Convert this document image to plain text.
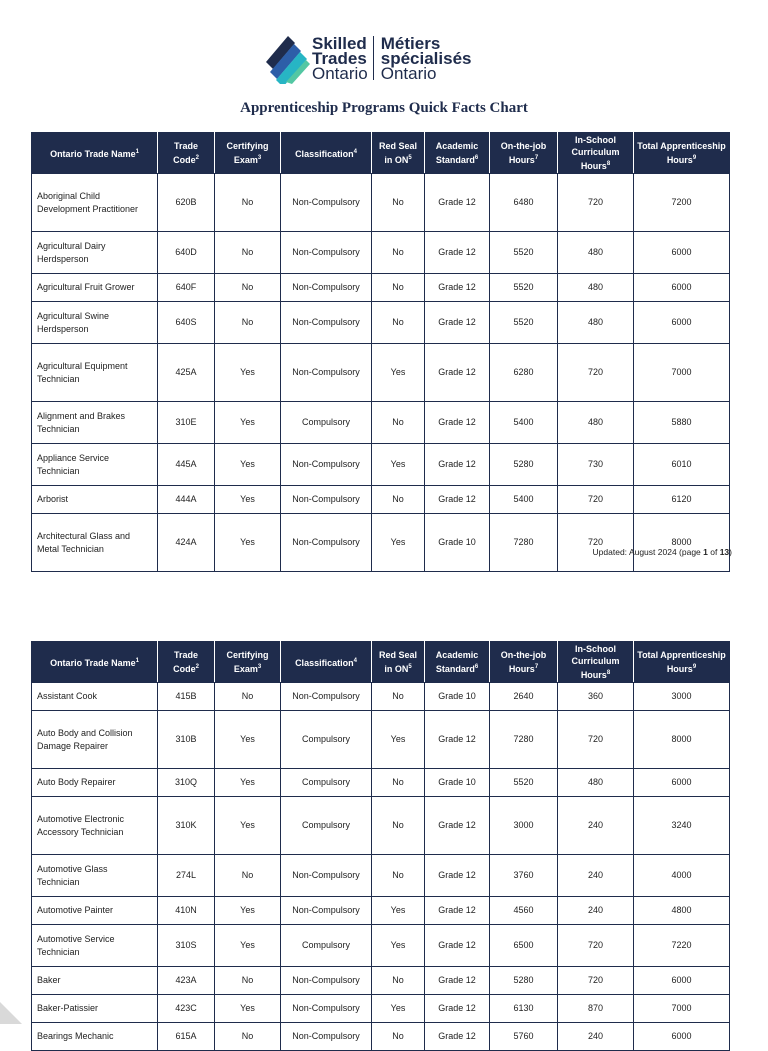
Skilled
Trades
Ontario
Métiers
spécialisés
Ontario
Apprenticeship Programs Quick Facts Chart
Ontario Trade Name$^1$	Trade Code$^2$	Certifying Exam$^3$	Classification$^4$	Red Seal in $ON^5$	Academic Standard$^6$	On-the-job Hours$^7$	In-School Curriculum Hours$^8$	Total Apprenticeship Hours$^9$
Aboriginal Child Development Practitioner	620B	No	Non-Compulsory	No	Grade 12	6480	720	7200
Agricultural Dairy Herdsperson	640D	No	Non-Compulsory	No	Grade 12	5520	480	6000
Agricultural Fruit Grower	640F	No	Non-Compulsory	No	Grade 12	5520	480	6000
Agricultural Swine Herdsperson	640S	No	Non-Compulsory	No	Grade 12	5520	480	6000
Agricultural Equipment Technician	425A	Yes	Non-Compulsory	Yes	Grade 12	6280	720	7000
Alignment and Brakes Technician	310E	Yes	Compulsory	No	Grade 12	5400	480	5880
Appliance Service Technician	445A	Yes	Non-Compulsory	Yes	Grade 12	5280	730	6010
Arborist	444A	Yes	Non-Compulsory	No	Grade 12	5400	720	6120
Architectural Glass and Metal Technician	424A	Yes	Non-Compulsory	Yes	Grade 10	7280	720	8000
Updated: August 2024 (page 1 of 13)
Ontario Trade Name$^1$	Trade Code$^2$	Certifying Exam$^3$	Classification$^4$	Red Seal in $ON^5$	Academic Standard$^6$	On-the-job Hours$^7$	In-School Curriculum Hours$^8$	Total Apprenticeship Hours$^9$
Assistant Cook	415B	No	Non-Compulsory	No	Grade 10	2640	360	3000
Auto Body and Collision Damage Repairer	310B	Yes	Compulsory	Yes	Grade 12	7280	720	8000
Auto Body Repairer	310Q	Yes	Compulsory	No	Grade 10	5520	480	6000
Automotive Electronic Accessory Technician	310K	Yes	Compulsory	No	Grade 12	3000	240	3240
Automotive Glass Technician	274L	No	Non-Compulsory	No	Grade 12	3760	240	4000
Automotive Painter	410N	Yes	Non-Compulsory	Yes	Grade 12	4560	240	4800
Automotive Service Technician	310S	Yes	Compulsory	Yes	Grade 12	6500	720	7220
Baker	423A	No	Non-Compulsory	No	Grade 12	5280	720	6000
Baker-Patissier	423C	Yes	Non-Compulsory	Yes	Grade 12	6130	870	7000
Bearings Mechanic	615A	No	Non-Compulsory	No	Grade 12	5760	240	6000
